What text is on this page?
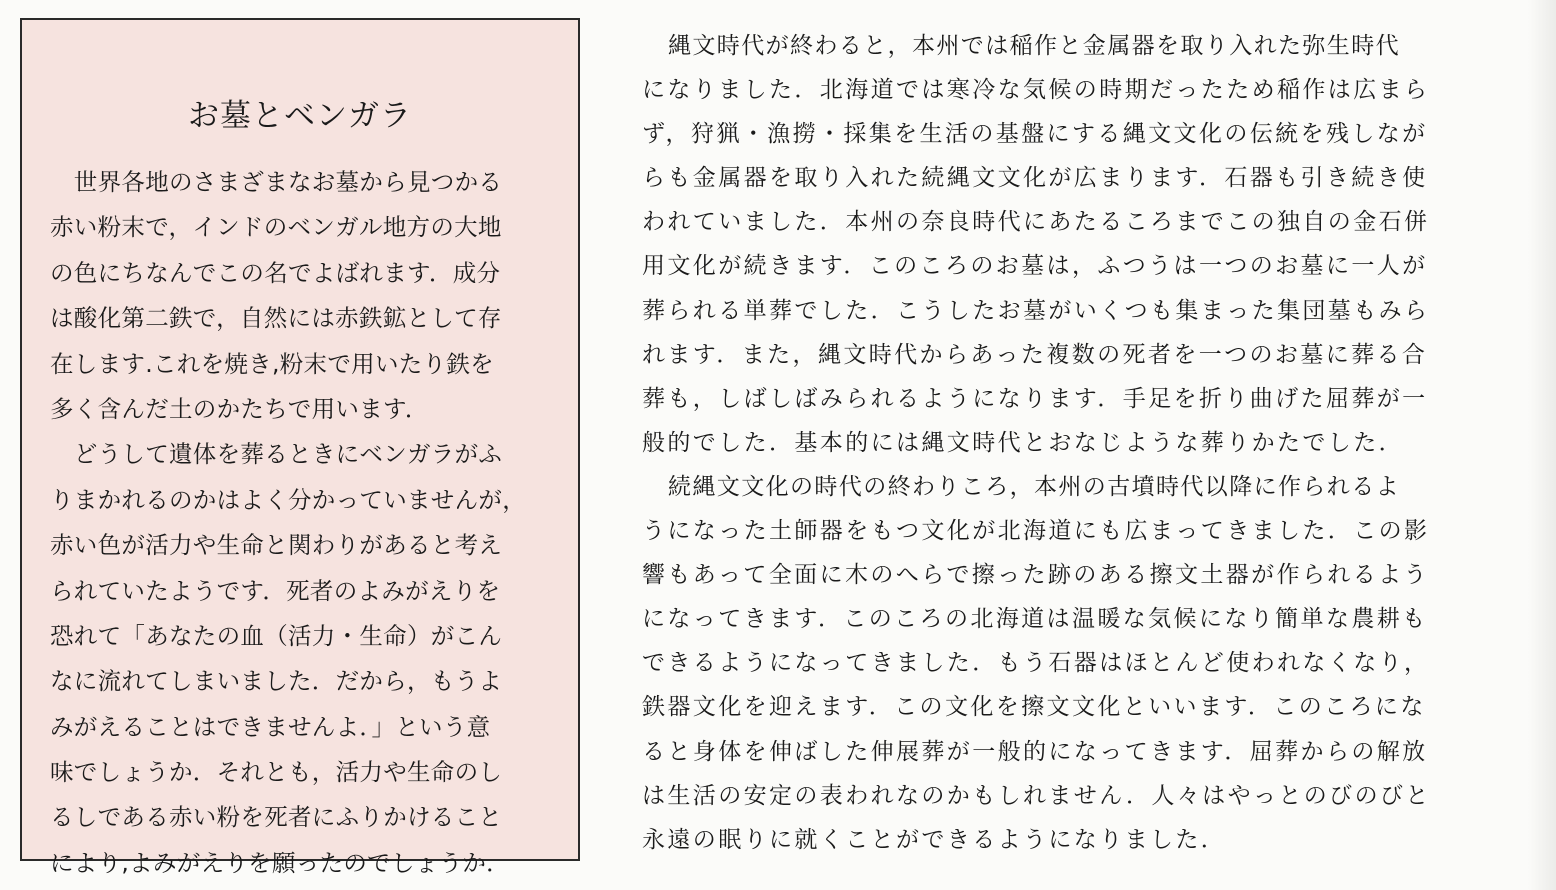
お墓とベンガラ
　世界各地のさまざまなお墓から見つかる
赤い粉末で，インドのベンガル地方の大地
の色にちなんでこの名でよばれます．成分
は酸化第二鉄で，自然には赤鉄鉱として存
在します.これを焼き,粉末で用いたり鉄を
多く含んだ土のかたちで用います．
　どうして遺体を葬るときにベンガラがふ
りまかれるのかはよく分かっていませんが，
赤い色が活力や生命と関わりがあると考え
られていたようです．死者のよみがえりを
恐れて「あなたの血（活力・生命）がこん
なに流れてしまいました．だから，もうよ
みがえることはできませんよ．」という意
味でしょうか．それとも，活力や生命のし
るしである赤い粉を死者にふりかけること
により,よみがえりを願ったのでしょうか．
縄文時代が終わると，本州では稲作と金属器を取り入れた弥生時代
になりました．北海道では寒冷な気候の時期だったため稲作は広まら
ず，狩猟・漁撈・採集を生活の基盤にする縄文文化の伝統を残しなが
らも金属器を取り入れた続縄文文化が広まります．石器も引き続き使
われていました．本州の奈良時代にあたるころまでこの独自の金石併
用文化が続きます．このころのお墓は，ふつうは一つのお墓に一人が
葬られる単葬でした．こうしたお墓がいくつも集まった集団墓もみら
れます．また，縄文時代からあった複数の死者を一つのお墓に葬る合
葬も，しばしばみられるようになります．手足を折り曲げた屈葬が一
般的でした．基本的には縄文時代とおなじような葬りかたでした．
続縄文文化の時代の終わりころ，本州の古墳時代以降に作られるよ
うになった土師器をもつ文化が北海道にも広まってきました．この影
響もあって全面に木のへらで擦った跡のある擦文土器が作られるよう
になってきます．このころの北海道は温暖な気候になり簡単な農耕も
できるようになってきました．もう石器はほとんど使われなくなり，
鉄器文化を迎えます．この文化を擦文文化といいます．このころにな
ると身体を伸ばした伸展葬が一般的になってきます．屈葬からの解放
は生活の安定の表われなのかもしれません．人々はやっとのびのびと
永遠の眠りに就くことができるようになりました．
